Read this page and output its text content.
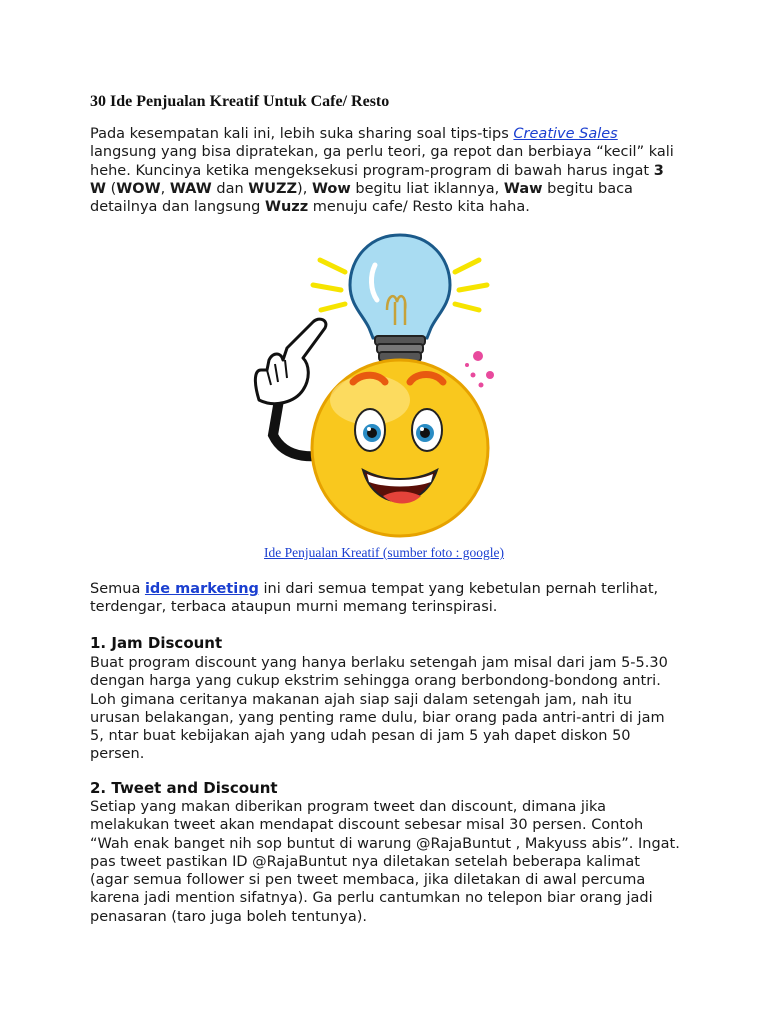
30 Ide Penjualan Kreatif Untuk Cafe/ Resto
Pada kesempatan kali ini, lebih suka sharing soal tips-tips Creative Sales langsung yang bisa dipratekan, ga perlu teori, ga repot dan berbiaya “kecil” kali hehe. Kuncinya ketika mengeksekusi program-program di bawah harus ingat 3 W (WOW, WAW dan WUZZ), Wow begitu liat iklannya, Waw begitu baca detailnya dan langsung Wuzz menuju cafe/ Resto kita haha.
Ide Penjualan Kreatif (sumber foto : google)
Semua ide marketing ini dari semua tempat yang kebetulan pernah terlihat, terdengar, terbaca ataupun murni memang terinspirasi.
1. Jam Discount
Buat program discount yang hanya berlaku setengah jam misal dari jam 5-5.30 dengan harga yang cukup ekstrim sehingga orang berbondong-bondong antri. Loh gimana ceritanya makanan ajah siap saji dalam setengah jam, nah itu urusan belakangan, yang penting rame dulu, biar orang pada antri-antri di jam 5, ntar buat kebijakan ajah yang udah pesan di jam 5 yah dapet diskon 50 persen.
2. Tweet and Discount
Setiap yang makan diberikan program tweet dan discount, dimana jika melakukan tweet akan mendapat discount sebesar misal 30 persen. Contoh “Wah enak banget nih sop buntut di warung @RajaBuntut , Makyuss abis”. Ingat. pas tweet pastikan ID @RajaBuntut nya diletakan setelah beberapa kalimat (agar semua follower si pen tweet membaca, jika diletakan di awal percuma karena jadi mention sifatnya). Ga perlu cantumkan no telepon biar orang jadi penasaran (taro juga boleh tentunya).
